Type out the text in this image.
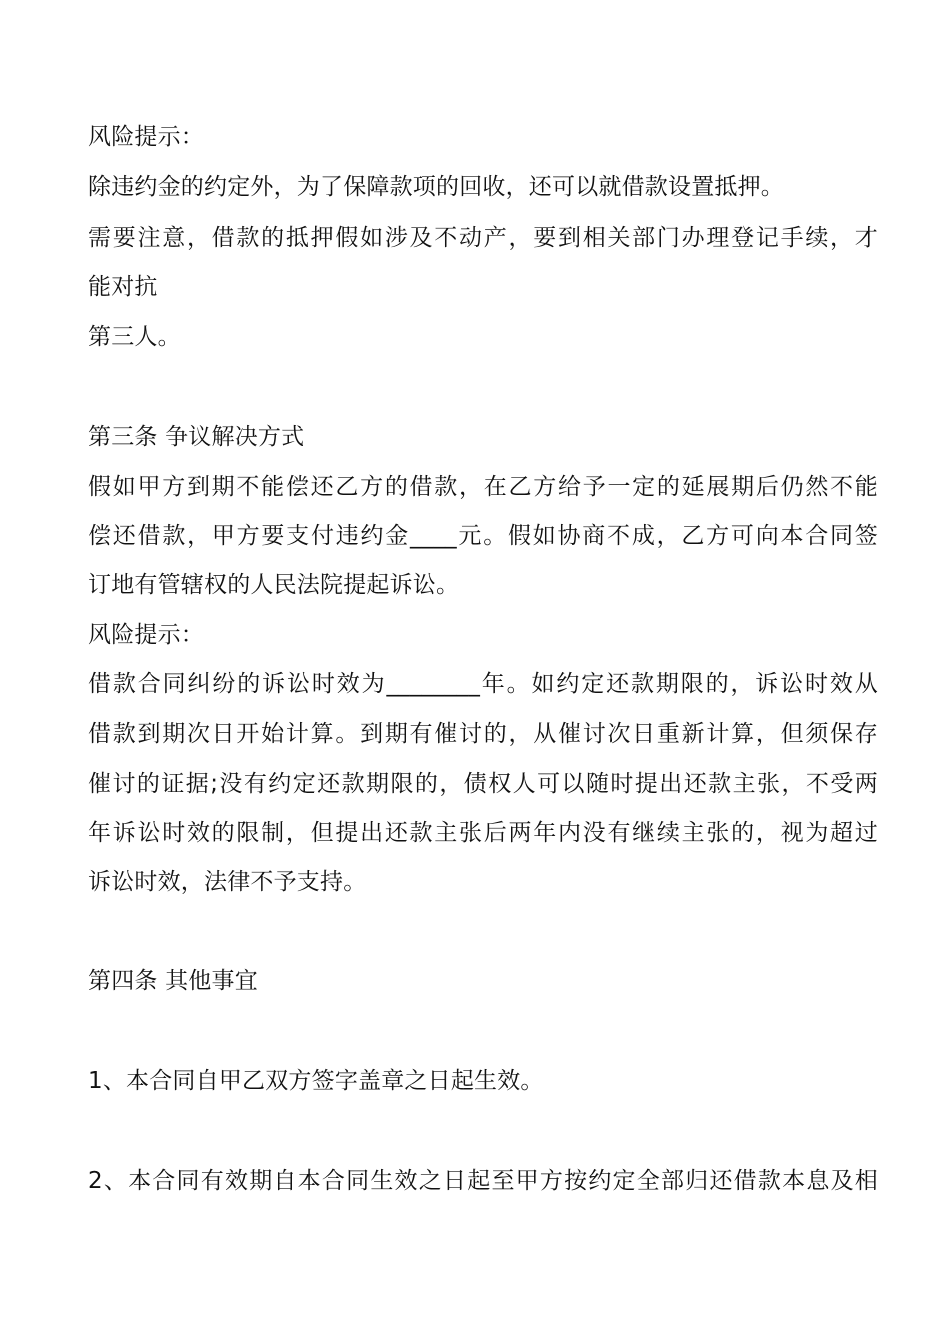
风险提示：
除违约金的约定外，为了保障款项的回收，还可以就借款设置抵押。
需要注意，借款的抵押假如涉及不动产，要到相关部门办理登记手续，才
能对抗
第三人。
第三条 争议解决方式
假如甲方到期不能偿还乙方的借款，在乙方给予一定的延展期后仍然不能
偿还借款，甲方要支付违约金____元。假如协商不成，乙方可向本合同签
订地有管辖权的人民法院提起诉讼。
风险提示：
借款合同纠纷的诉讼时效为________年。如约定还款期限的，诉讼时效从
借款到期次日开始计算。到期有催讨的，从催讨次日重新计算，但须保存
催讨的证据;没有约定还款期限的，债权人可以随时提出还款主张，不受两
年诉讼时效的限制，但提出还款主张后两年内没有继续主张的，视为超过
诉讼时效，法律不予支持。
第四条 其他事宜
1、本合同自甲乙双方签字盖章之日起生效。
2、本合同有效期自本合同生效之日起至甲方按约定全部归还借款本息及相
